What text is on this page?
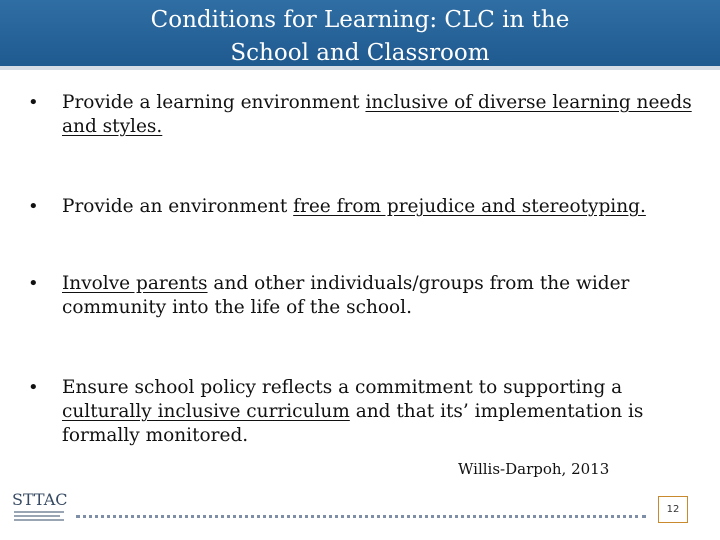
Conditions for Learning: CLC in the
School and Classroom
• Provide a learning environment inclusive of diverse learning needs and styles.
• Provide an environment free from prejudice and stereotyping.
• Involve parents and other individuals/groups from the wider community into the life of the school.
• Ensure school policy reflects a commitment to supporting a culturally inclusive curriculum and that its’ implementation is formally monitored.
Willis-Darpoh, 2013
STTAC
12
